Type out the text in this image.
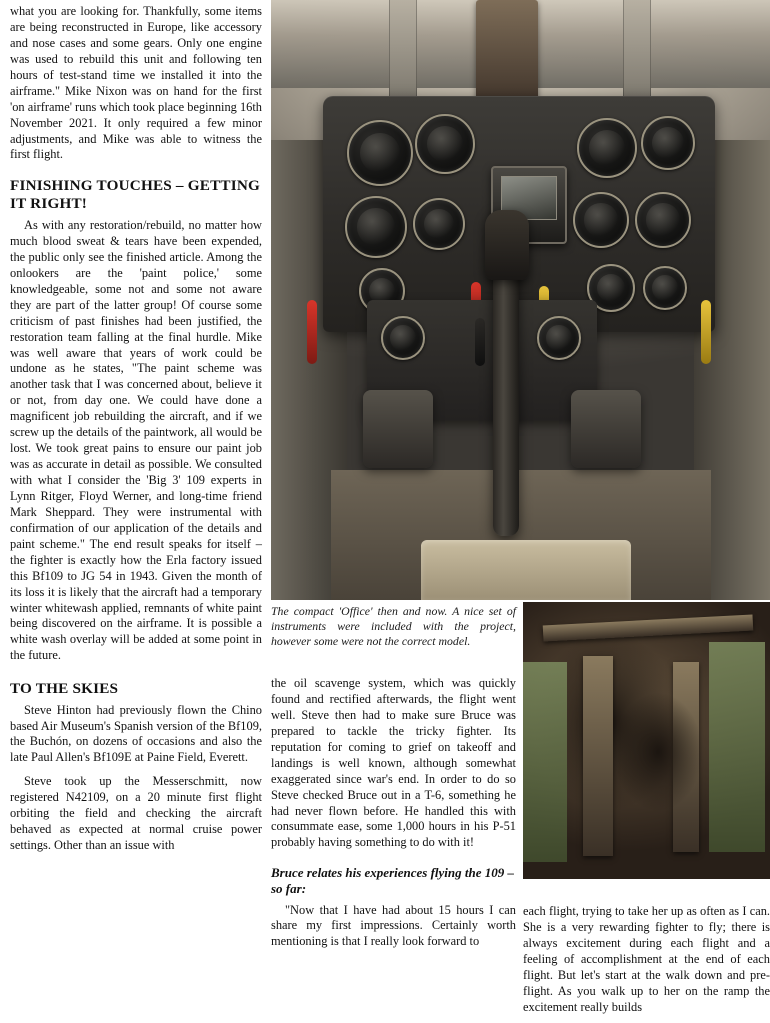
what you are looking for. Thankfully, some items are being reconstructed in Europe, like accessory and nose cases and some gears. Only one engine was used to rebuild this unit and following ten hours of test-stand time we installed it into the airframe." Mike Nixon was on hand for the first 'on airframe' runs which took place beginning 16th November 2021. It only required a few minor adjustments, and Mike was able to witness the first flight.

FINISHING TOUCHES – GETTING IT RIGHT!

As with any restoration/rebuild, no matter how much blood sweat & tears have been expended, the public only see the finished article. Among the onlookers are the 'paint police,' some knowledgeable, some not and some not aware they are part of the latter group! Of course some criticism of past finishes had been justified, the restoration team falling at the final hurdle. Mike was well aware that years of work could be undone as he states, "The paint scheme was another task that I was concerned about, believe it or not, from day one. We could have done a magnificent job rebuilding the aircraft, and if we screw up the details of the paintwork, all would be lost. We took great pains to ensure our paint job was as accurate in detail as possible. We consulted with what I consider the 'Big 3' 109 experts in Lynn Ritger, Floyd Werner, and long-time friend Mark Sheppard. They were instrumental with confirmation of our application of the details and paint scheme." The end result speaks for itself – the fighter is exactly how the Erla factory issued this Bf109 to JG 54 in 1943. Given the month of its loss it is likely that the aircraft had a temporary winter whitewash applied, remnants of white paint being discovered on the airframe. It is possible a white wash overlay will be added at some point in the future.

TO THE SKIES

Steve Hinton had previously flown the Chino based Air Museum's Spanish version of the Bf109, the Buchón, on dozens of occasions and also the late Paul Allen's Bf109E at Paine Field, Everett.

Steve took up the Messerschmitt, now registered N42109, on a 20 minute first flight orbiting the field and checking the aircraft behaved as expected at normal cruise power settings. Other than an issue with

The compact 'Office' then and now. A nice set of instruments were included with the project, however some were not the correct model.

the oil scavenge system, which was quickly found and rectified afterwards, the flight went well. Steve then had to make sure Bruce was prepared to tackle the tricky fighter. Its reputation for coming to grief on takeoff and landings is well known, although somewhat exaggerated since war's end. In order to do so Steve checked Bruce out in a T-6, something he had never flown before. He handled this with consummate ease, some 1,000 hours in his P-51 probably having something to do with it!

Bruce relates his experiences flying the 109 – so far:

"Now that I have had about 15 hours I can share my first impressions. Certainly worth mentioning is that I really look forward to

each flight, trying to take her up as often as I can. She is a very rewarding fighter to fly; there is always excitement during each flight and a feeling of accomplishment at the end of each flight. But let's start at the walk down and pre-flight. As you walk up to her on the ramp the excitement really builds
